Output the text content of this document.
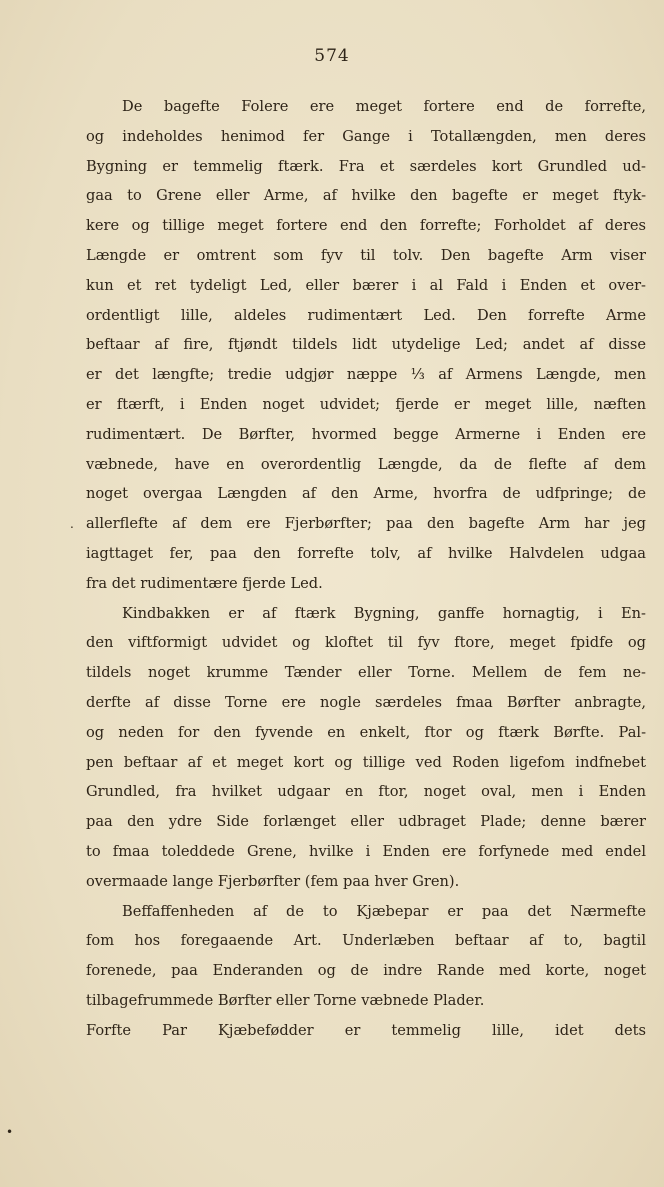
574
De bagefte Folere ere meget fortere end de forrefte,
og indeholdes henimod fer Gange i Totallængden, men deres
Bygning er temmelig ftærk. Fra et særdeles kort Grundled ud-
gaa to Grene eller Arme, af hvilke den bagefte er meget ftyk-
kere og tillige meget fortere end den forrefte; Forholdet af deres
Længde er omtrent som fyv til tolv. Den bagefte Arm viser
kun et ret tydeligt Led, eller bærer i al Fald i Enden et over-
ordentligt lille, aldeles rudimentært Led. Den forrefte Arme
beftaar af fire, ftjøndt tildels lidt utydelige Led; andet af disse
er det længfte; tredie udgjør næppe ⅓ af Armens Længde, men
er ftærft, i Enden noget udvidet; fjerde er meget lille, næften
rudimentært. De Børfter, hvormed begge Armerne i Enden ere
væbnede, have en overordentlig Længde, da de flefte af dem
noget overgaa Længden af den Arme, hvorfra de udfpringe; de
allerflefte af dem ere Fjerbørfter; paa den bagefte Arm har jeg
iagttaget fer, paa den forrefte tolv, af hvilke Halvdelen udgaa
fra det rudimentære fjerde Led.
Kindbakken er af ftærk Bygning, ganffe hornagtig, i En-
den viftformigt udvidet og kloftet til fyv ftore, meget fpidfe og
tildels noget krumme Tænder eller Torne. Mellem de fem ne-
derfte af disse Torne ere nogle særdeles fmaa Børfter anbragte,
og neden for den fyvende en enkelt, ftor og ftærk Børfte. Pal-
pen beftaar af et meget kort og tillige ved Roden ligefom indfnebet
Grundled, fra hvilket udgaar en ftor, noget oval, men i Enden
paa den ydre Side forlænget eller udbraget Plade; denne bærer
to fmaa toleddede Grene, hvilke i Enden ere forfynede med endel
overmaade lange Fjerbørfter (fem paa hver Gren).
Beffaffenheden af de to Kjæbepar er paa det Nærmefte
fom hos foregaaende Art. Underlæben beftaar af to, bagtil
forenede, paa Enderanden og de indre Rande med korte, noget
tilbagefrummede Børfter eller Torne væbnede Plader.
Forfte Par Kjæbefødder er temmelig lille, idet dets
.
•
